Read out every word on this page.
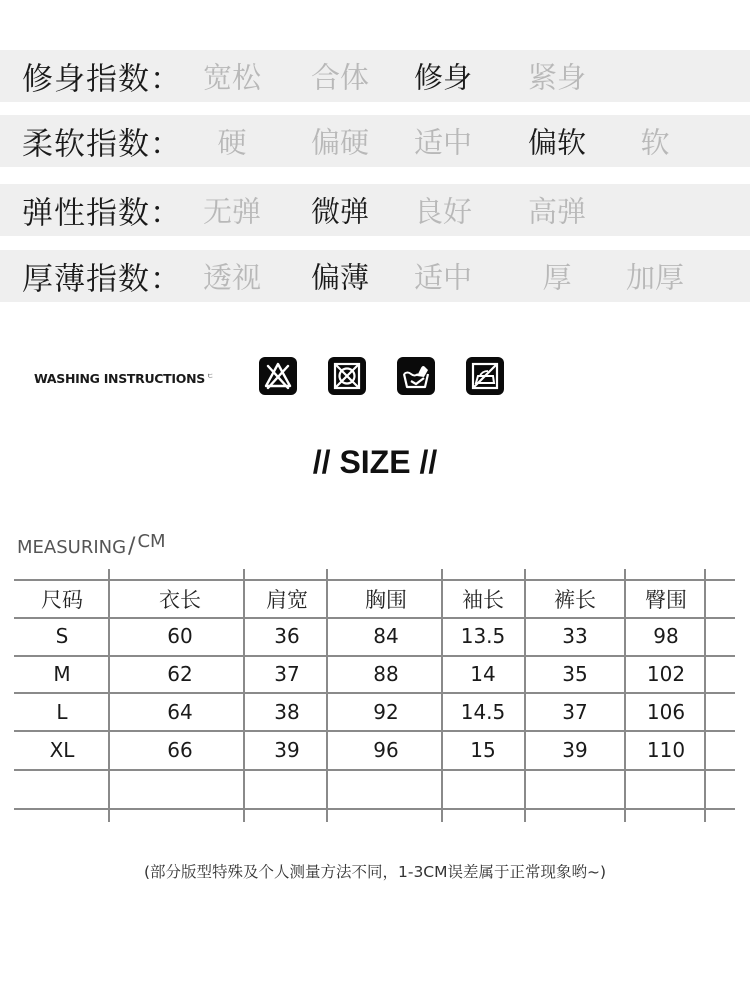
修身指数： 宽松 合体 修身 紧身
柔软指数： 硬 偏硬 适中 偏软 软
弹性指数： 无弹 微弹 良好 高弹
厚薄指数： 透视 偏薄 适中 厚 加厚
WASHING INSTRUCTIONS $^ㄷ$
// SIZE //
MEASURING/ CM
尺码	衣长	肩宽	胸围	袖长 裤长 臀围
S	60	36	84	13.5	33	98
M	62	37	88	14	35	102
L	64	38	92	14.5	37	106
XL	66	39	96	15	39	110
(部分版型特殊及个人测量方法不同，1-3CM误差属于正常现象哟~)
